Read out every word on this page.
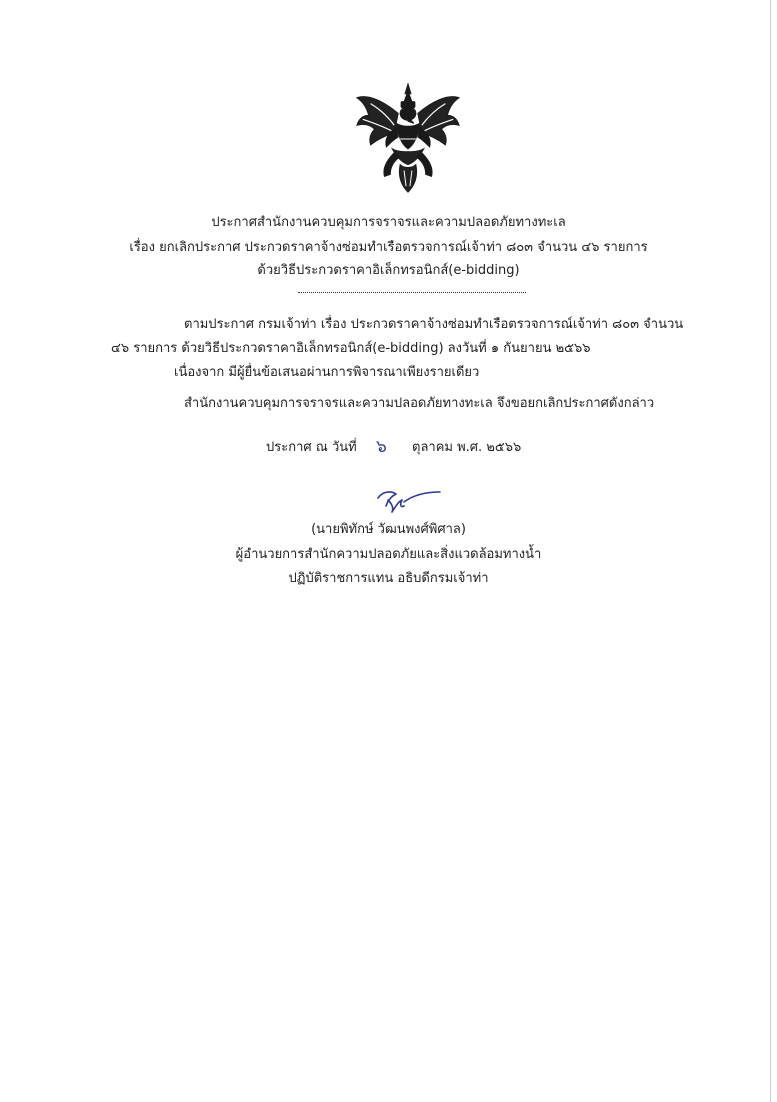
ประกาศสำนักงานควบคุมการจราจรและความปลอดภัยทางทะเล
เรื่อง ยกเลิกประกาศ ประกวดราคาจ้างซ่อมทำเรือตรวจการณ์เจ้าท่า ๘๐๓ จำนวน ๔๖ รายการ
ด้วยวิธีประกวดราคาอิเล็กทรอนิกส์(e-bidding)
ตามประกาศ กรมเจ้าท่า เรื่อง ประกวดราคาจ้างซ่อมทำเรือตรวจการณ์เจ้าท่า ๘๐๓ จำนวน
๔๖ รายการ ด้วยวิธีประกวดราคาอิเล็กทรอนิกส์(e-bidding) ลงวันที่ ๑ กันยายน ๒๕๖๖
เนื่องจาก มีผู้ยื่นข้อเสนอผ่านการพิจารณาเพียงรายเดียว
สำนักงานควบคุมการจราจรและความปลอดภัยทางทะเล จึงขอยกเลิกประกาศดังกล่าว
ประกาศ ณ วันที่ ๖ ตุลาคม พ.ศ. ๒๕๖๖
(นายพิทักษ์ วัฒนพงศ์พิศาล)
ผู้อำนวยการสำนักความปลอดภัยและสิ่งแวดล้อมทางน้ำ
ปฏิบัติราชการแทน อธิบดีกรมเจ้าท่า
